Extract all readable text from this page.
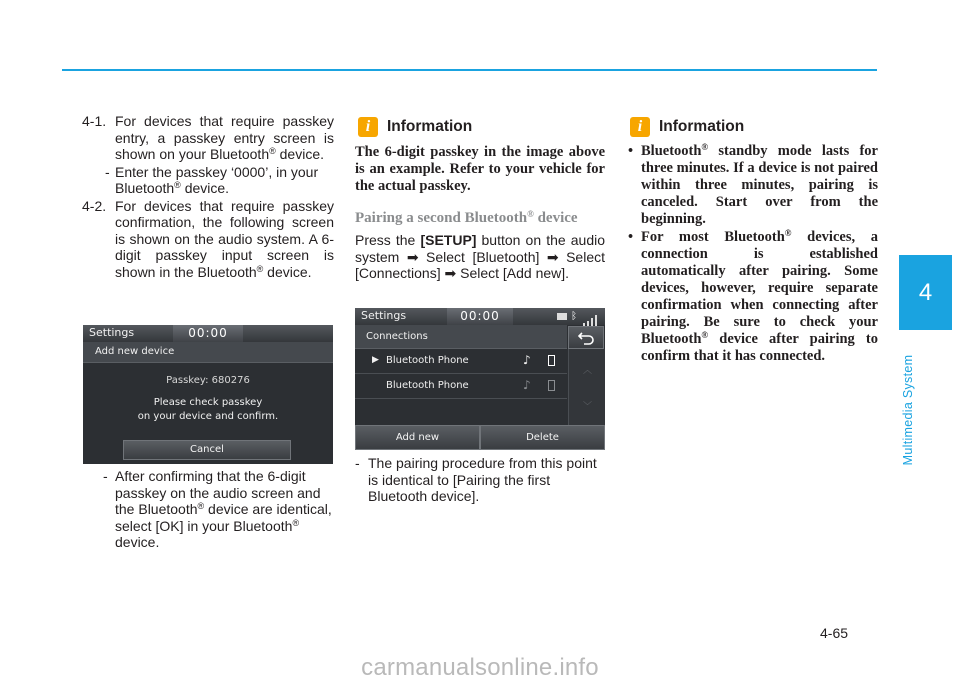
4-1. For devices that require passkey entry, a passkey entry screen is shown on your Bluetooth® device.
- Enter the passkey ‘0000’, in your Bluetooth® device.
4-2. For devices that require passkey confirmation, the following screen is shown on the audio system. A 6-digit passkey input screen is shown in the Bluetooth® device.
Settings	00:00
Add new device
Passkey: 680276
Please check passkey
on your device and confirm.
Cancel
- After confirming that the 6-digit passkey on the audio screen and the Bluetooth® device are identical, select [OK] in your Bluetooth® device.
i	Information
The 6-digit passkey in the image above is an example. Refer to your vehicle for the actual passkey.
Pairing a second Bluetooth® device
Press the [SETUP] button on the audio system ➡ Select [Bluetooth] ➡ Select [Connections] ➡ Select [Add new].
Settings	00:00	ᛒ
Connections
▶ Bluetooth Phone	♪
Bluetooth Phone	♪
︿
﹀
Add new	Delete
- The pairing procedure from this point is identical to [Pairing the first Bluetooth device].
i	Information
• Bluetooth® standby mode lasts for three minutes. If a device is not paired within three minutes, pairing is canceled. Start over from the beginning.
• For most Bluetooth® devices, a connection is established automatically after pairing. Some devices, however, require separate confirmation when connecting after pairing. Be sure to check your Bluetooth® device after pairing to confirm that it has connected.
4
Multimedia System
4-65
carmanualsonline.info
